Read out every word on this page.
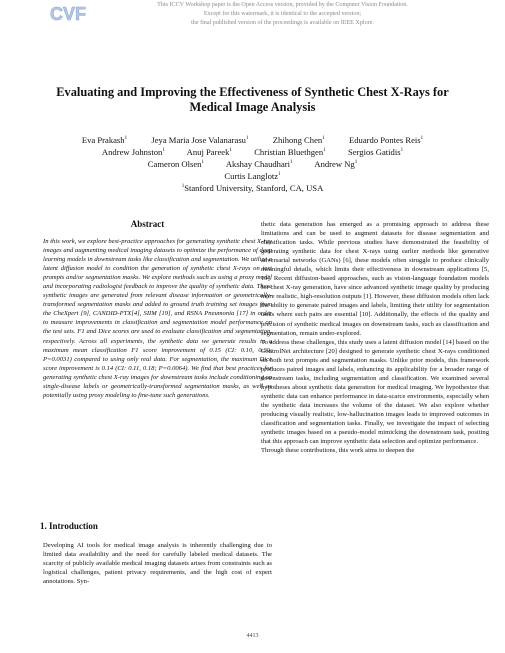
CVF	This ICCV Workshop paper is the Open Access version, provided by the Computer Vision Foundation.
Except for this watermark, it is identical to the accepted version;
the final published version of the proceedings is available on IEEE Xplore.
Evaluating and Improving the Effectiveness of Synthetic Chest X-Rays for
Medical Image Analysis
Eva Prakash$^1$	Jeya Maria Jose Valanarasu$^1$	Zhihong Chen$^1$	Eduardo Pontes Reis$^1$
Andrew Johnston$^1$	Anuj Pareek$^1$	Christian Bluethgen$^1$	Sergios Gatidis$^1$
Cameron Olsen$^1$	Akshay Chaudhari$^1$	Andrew Ng$^1$
Curtis Langlotz$^1$
$^1$Stanford University, Stanford, CA, USA
Abstract

In this work, we explore best-practice approaches for generating synthetic chest X-ray images and augmenting medical imaging datasets to optimize the performance of deep learning models in downstream tasks like classification and segmentation. We utilize a latent diffusion model to condition the generation of synthetic chest X-rays on text prompts and/or segmentation masks. We explore methods such as using a proxy model and incorporating radiologist feedback to improve the quality of synthetic data. These synthetic images are generated from relevant disease information or geometrically-transformed segmentation masks and added to ground truth training set images from the CheXpert [9], CANDID-PTX[4], SIIM [19], and RSNA Pneumonia [17] in order to measure improvements in classification and segmentation model performance on the test sets. F1 and Dice scores are used to evaluate classification and segmentation, respectively. Across all experiments, the synthetic data we generate results in a maximum mean classification F1 score improvement of 0.15 (CI: 0.10, 0.20; P=0.0031) compared to using only real data. For segmentation, the maximum Dice score improvement is 0.14 (CI: 0.11, 0.18; P=0.0064). We find that best practices for generating synthetic chest X-ray images for downstream tasks include conditioning on single-disease labels or geometrically-transformed segmentation masks, as well as potentially using proxy modeling to fine-tune such generations.

1. Introduction

Developing AI tools for medical image analysis is inherently challenging due to limited data availability and the need for carefully labeled medical datasets. The scarcity of publicly available medical imaging datasets arises from constraints such as logistical challenges, patient privacy requirements, and the high cost of expert annotations. Syn-

thetic data generation has emerged as a promising approach to address these limitations and can be used to augment datasets for disease segmentation and classification tasks. While previous studies have demonstrated the feasibility of generating synthetic data for chest X-rays using earlier methods like generative adversarial networks (GANs) [6], these models often struggle to produce clinically meaningful details, which limits their effectiveness in downstream applications [5, 15]. Recent diffusion-based approaches, such as vision-language foundation models for chest X-ray generation, have since advanced synthetic image quality by producing more realistic, high-resolution outputs [1]. However, these diffusion models often lack the ability to generate paired images and labels, limiting their utility for segmentation tasks where such pairs are essential [10]. Additionally, the effects of the quality and precision of synthetic medical images on downstream tasks, such as classification and segmentation, remain under-explored.

To address these challenges, this study uses a latent diffusion model [14] based on the ControlNet architecture [20] designed to generate synthetic chest X-rays conditioned on both text prompts and segmentation masks. Unlike prior models, this framework produces paired images and labels, enhancing its applicability for a broader range of downstream tasks, including segmentation and classification. We examined several hypotheses about synthetic data generation for medical imaging. We hypothesize that synthetic data can enhance performance in data-scarce environments, especially when the synthetic data increases the volume of the dataset. We also explore whether producing visually realistic, low-hallucination images leads to improved outcomes in classification and segmentation tasks. Finally, we investigate the impact of selecting synthetic images based on a pseudo-model mimicking the downstream task, positing that this approach can improve synthetic data selection and optimize performance.

Through these contributions, this work aims to deepen the

4413
